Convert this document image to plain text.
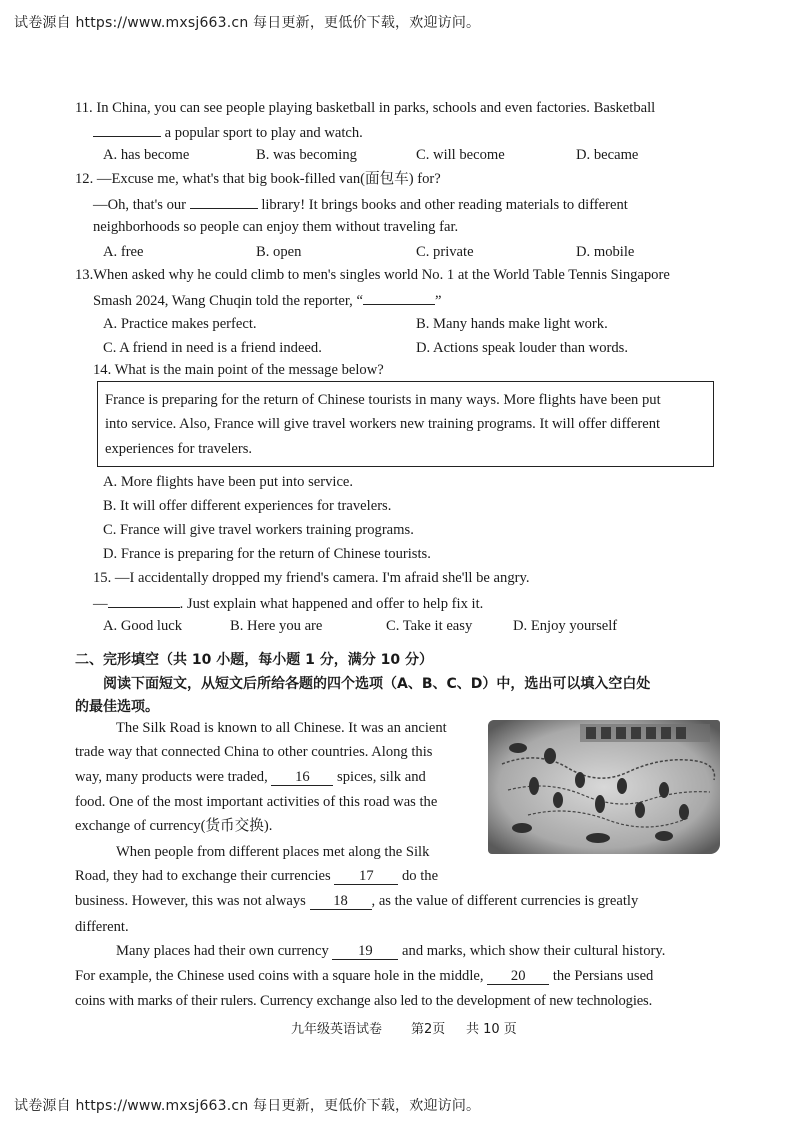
试卷源自 https://www.mxsj663.cn 每日更新，更低价下载，欢迎访问。
11. In China, you can see people playing basketball in parks, schools and even factories. Basketball
a popular sport to play and watch.
A. has become	B. was becoming	C. will become	D. became
12. —Excuse me, what's that big book-filled van(面包车) for?
—Oh, that's our	library! It brings books and other reading materials to different
neighborhoods so people can enjoy them without traveling far.
A. free	B. open	C. private	D. mobile
13.When asked why he could climb to men's singles world No. 1 at the World Table Tennis Singapore
Smash 2024, Wang Chuqin told the reporter, “	”
A. Practice makes perfect.	B. Many hands make light work.
C. A friend in need is a friend indeed.	D. Actions speak louder than words.
14. What is the main point of the message below?
France is preparing for the return of Chinese tourists in many ways. More flights have been put
into service. Also, France will give travel workers new training programs. It will offer different
experiences for travelers.
A. More flights have been put into service.
B. It will offer different experiences for travelers.
C. France will give travel workers training programs.
D. France is preparing for the return of Chinese tourists.
15. —I accidentally dropped my friend's camera. I'm afraid she'll be angry.
—	. Just explain what happened and offer to help fix it.
A. Good luck	B. Here you are	C. Take it easy	D. Enjoy yourself
二、完形填空（共 10 小题，每小题 1 分，满分 10 分）
阅读下面短文，从短文后所给各题的四个选项（A、B、C、D）中，选出可以填入空白处
的最佳选项。
The Silk Road is known to all Chinese. It was an ancient
trade way that connected China to other countries. Along this
way, many products were traded, 16 spices, silk and
food. One of the most important activities of this road was the
exchange of currency(货币交换).
When people from different places met along the Silk
Road, they had to exchange their currencies 17 do the
business. However, this was not always 18 , as the value of different currencies is greatly
different.
Many places had their own currency 19 and marks, which show their cultural history.
For example, the Chinese used coins with a square hole in the middle, 20 the Persians used
coins with marks of their rulers. Currency exchange also led to the development of new technologies.
九年级英语试卷 第2页 共 10 页
试卷源自 https://www.mxsj663.cn 每日更新，更低价下载，欢迎访问。
